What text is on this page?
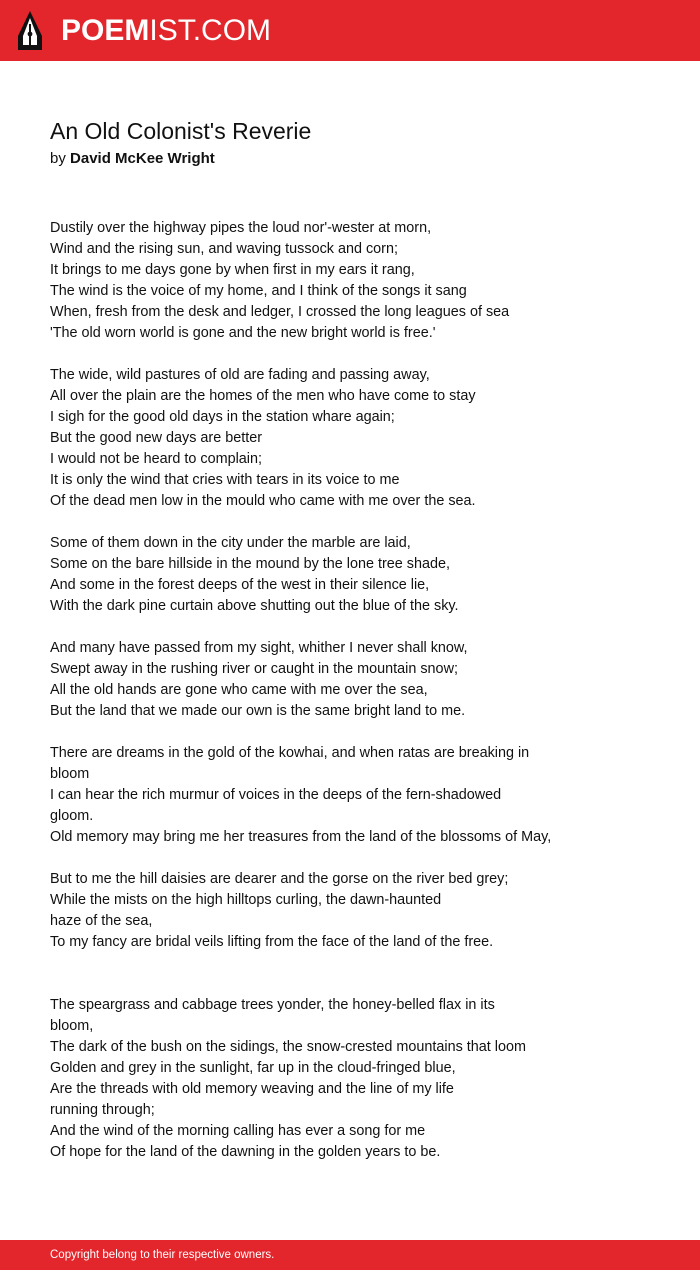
POEMIST.COM
An Old Colonist's Reverie
by David McKee Wright
Dustily over the highway pipes the loud nor'-wester at morn,
Wind and the rising sun, and waving tussock and corn;
It brings to me days gone by when first in my ears it rang,
The wind is the voice of my home, and I think of the songs it sang
When, fresh from the desk and ledger, I crossed the long leagues of sea
'The old worn world is gone and the new bright world is free.'
The wide, wild pastures of old are fading and passing away,
All over the plain are the homes of the men who have come to stay
I sigh for the good old days in the station whare again;
But the good new days are better
I would not be heard to complain;
It is only the wind that cries with tears in its voice to me
Of the dead men low in the mould who came with me over the sea.
Some of them down in the city under the marble are laid,
Some on the bare hillside in the mound by the lone tree shade,
And some in the forest deeps of the west in their silence lie,
With the dark pine curtain above shutting out the blue of the sky.
And many have passed from my sight, whither I never shall know,
Swept away in the rushing river or caught in the mountain snow;
All the old hands are gone who came with me over the sea,
But the land that we made our own is the same bright land to me.
There are dreams in the gold of the kowhai, and when ratas are breaking in
bloom
I can hear the rich murmur of voices in the deeps of the fern-shadowed
gloom.
Old memory may bring me her treasures from the land of the blossoms of May,
But to me the hill daisies are dearer and the gorse on the river bed grey;
While the mists on the high hilltops curling, the dawn-haunted
haze of the sea,
To my fancy are bridal veils lifting from the face of the land of the free.
The speargrass and cabbage trees yonder, the honey-belled flax in its
bloom,
The dark of the bush on the sidings, the snow-crested mountains that loom
Golden and grey in the sunlight, far up in the cloud-fringed blue,
Are the threads with old memory weaving and the line of my life
running through;
And the wind of the morning calling has ever a song for me
Of hope for the land of the dawning in the golden years to be.
Copyright belong to their respective owners.
